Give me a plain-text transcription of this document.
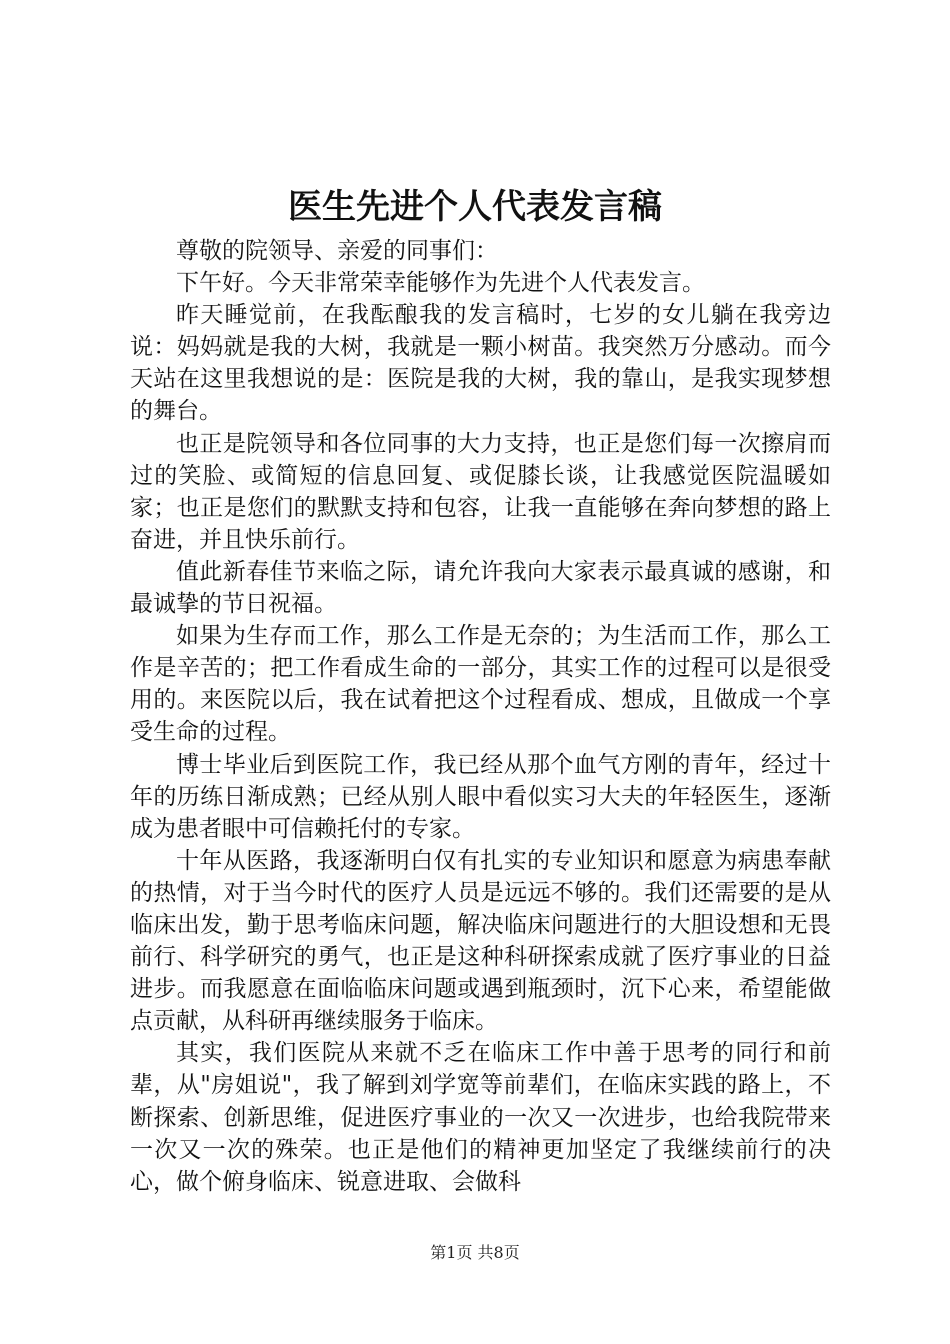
医生先进个人代表发言稿

尊敬的院领导、亲爱的同事们：

下午好。今天非常荣幸能够作为先进个人代表发言。

昨天睡觉前，在我酝酿我的发言稿时，七岁的女儿躺在我旁边说：妈妈就是我的大树，我就是一颗小树苗。我突然万分感动。而今天站在这里我想说的是：医院是我的大树，我的靠山，是我实现梦想的舞台。

也正是院领导和各位同事的大力支持，也正是您们每一次擦肩而过的笑脸、或简短的信息回复、或促膝长谈，让我感觉医院温暖如家；也正是您们的默默支持和包容，让我一直能够在奔向梦想的路上奋进，并且快乐前行。

值此新春佳节来临之际，请允许我向大家表示最真诚的感谢，和最诚挚的节日祝福。

如果为生存而工作，那么工作是无奈的；为生活而工作，那么工作是辛苦的；把工作看成生命的一部分，其实工作的过程可以是很受用的。来医院以后，我在试着把这个过程看成、想成，且做成一个享受生命的过程。

博士毕业后到医院工作，我已经从那个血气方刚的青年，经过十年的历练日渐成熟；已经从别人眼中看似实习大夫的年轻医生，逐渐成为患者眼中可信赖托付的专家。

十年从医路，我逐渐明白仅有扎实的专业知识和愿意为病患奉献的热情，对于当今时代的医疗人员是远远不够的。我们还需要的是从临床出发，勤于思考临床问题，解决临床问题进行的大胆设想和无畏前行、科学研究的勇气，也正是这种科研探索成就了医疗事业的日益进步。而我愿意在面临临床问题或遇到瓶颈时，沉下心来，希望能做点贡献，从科研再继续服务于临床。

其实，我们医院从来就不乏在临床工作中善于思考的同行和前辈，从"房姐说"，我了解到刘学宽等前辈们，在临床实践的路上，不断探索、创新思维，促进医疗事业的一次又一次进步，也给我院带来一次又一次的殊荣。也正是他们的精神更加坚定了我继续前行的决心，做个俯身临床、锐意进取、会做科

第1页 共8页
